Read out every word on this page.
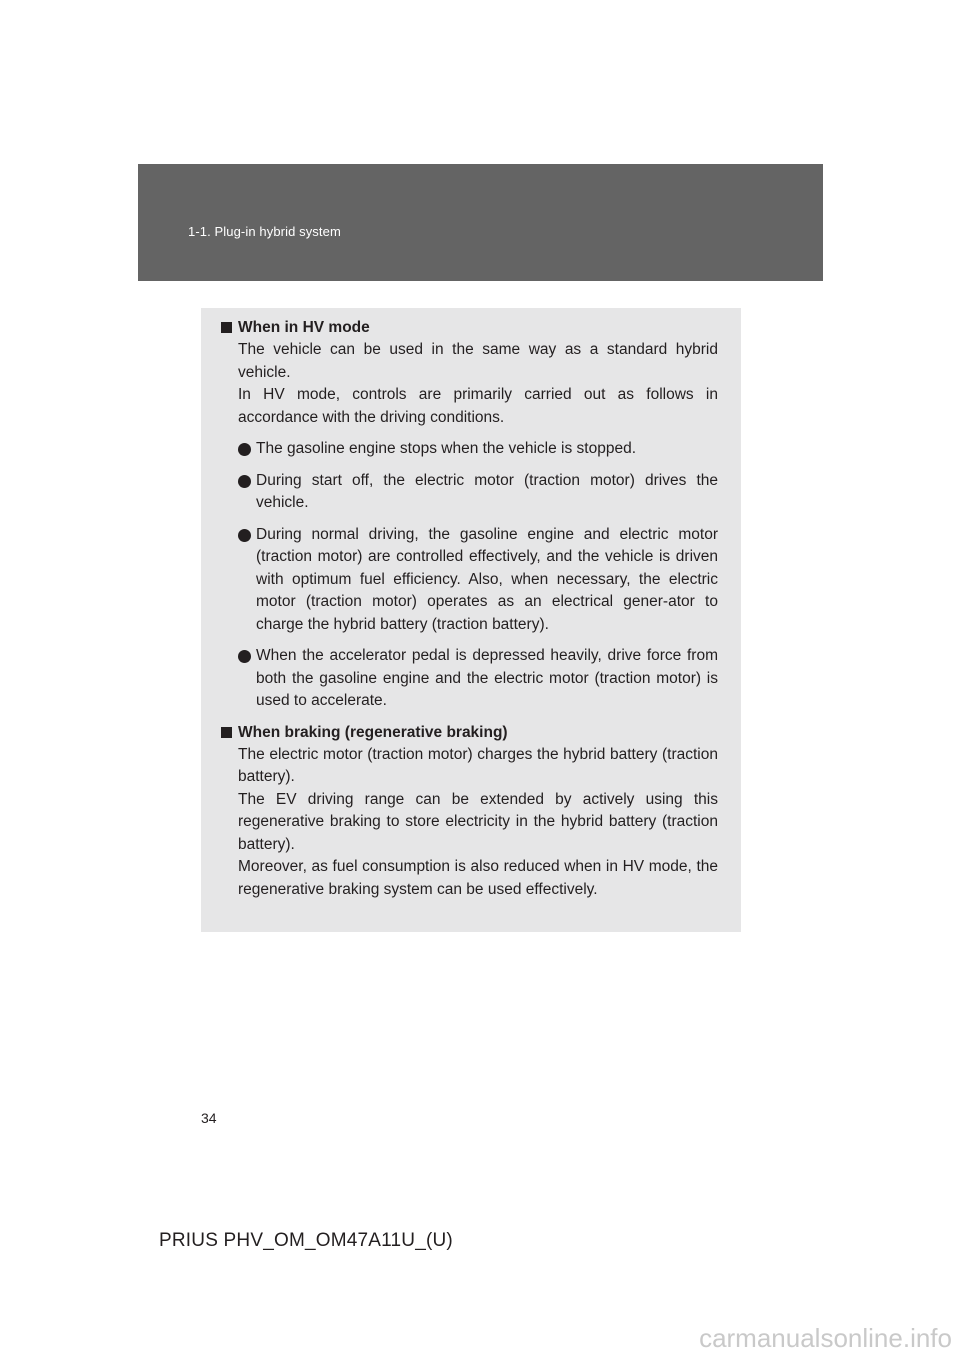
1-1. Plug-in hybrid system
When in HV mode

The vehicle can be used in the same way as a standard hybrid vehicle.

In HV mode, controls are primarily carried out as follows in accordance with the driving conditions.

The gasoline engine stops when the vehicle is stopped.
During start off, the electric motor (traction motor) drives the vehicle.
During normal driving, the gasoline engine and electric motor (traction motor) are controlled effectively, and the vehicle is driven with optimum fuel efficiency. Also, when necessary, the electric motor (traction motor) operates as an electrical gener-ator to charge the hybrid battery (traction battery).
When the accelerator pedal is depressed heavily, drive force from both the gasoline engine and the electric motor (traction motor) is used to accelerate.
When braking (regenerative braking)

The electric motor (traction motor) charges the hybrid battery (traction battery).

The EV driving range can be extended by actively using this regenerative braking to store electricity in the hybrid battery (traction battery).

Moreover, as fuel consumption is also reduced when in HV mode, the regenerative braking system can be used effectively.

34
PRIUS PHV_OM_OM47A11U_(U)
carmanualsonline.info
